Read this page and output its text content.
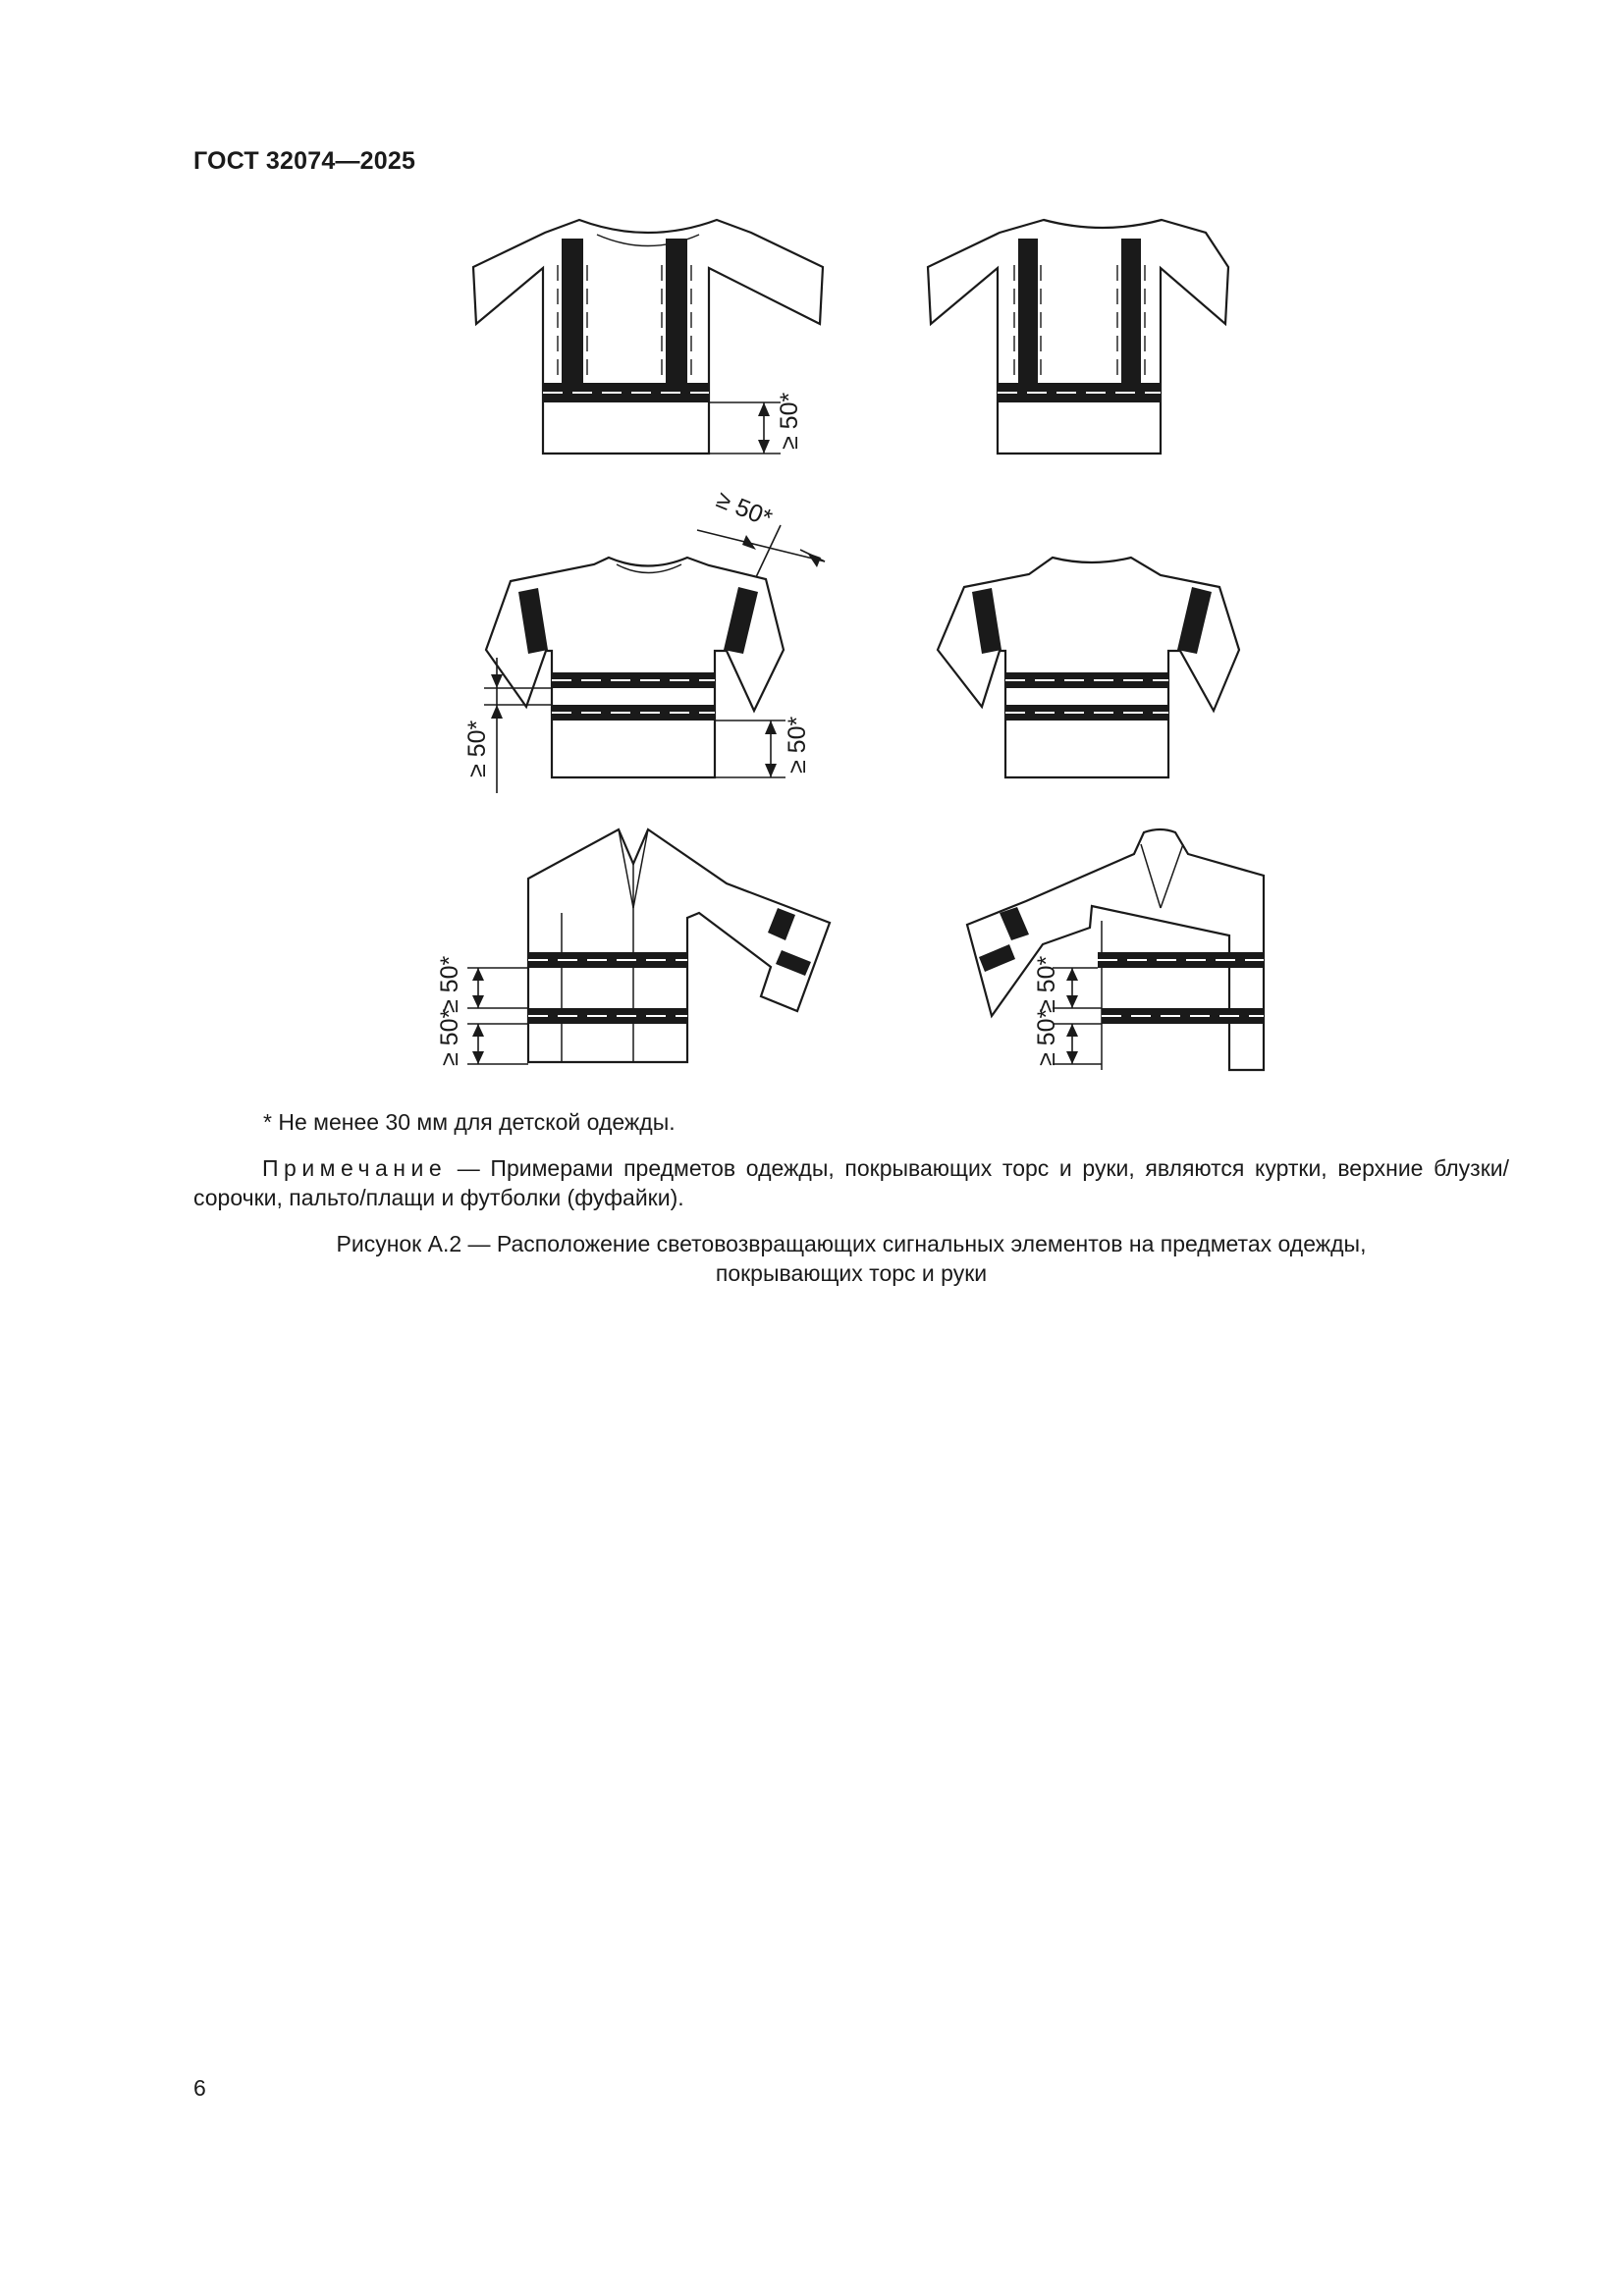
ГОСТ 32074—2025
≥ 50*
≥ 50*
≥ 50*
≥ 50*
≥ 50*
≥ 50*
≥ 50*
≥ 50*
* Не менее 30 мм для детской одежды.
Примечание — Примерами предметов одежды, покрывающих торс и руки, являются куртки, верхние блузки/сорочки, пальто/плащи и футболки (фуфайки).
Рисунок А.2 — Расположение световозвращающих сигнальных элементов на предметах одежды,
покрывающих торс и руки
6
